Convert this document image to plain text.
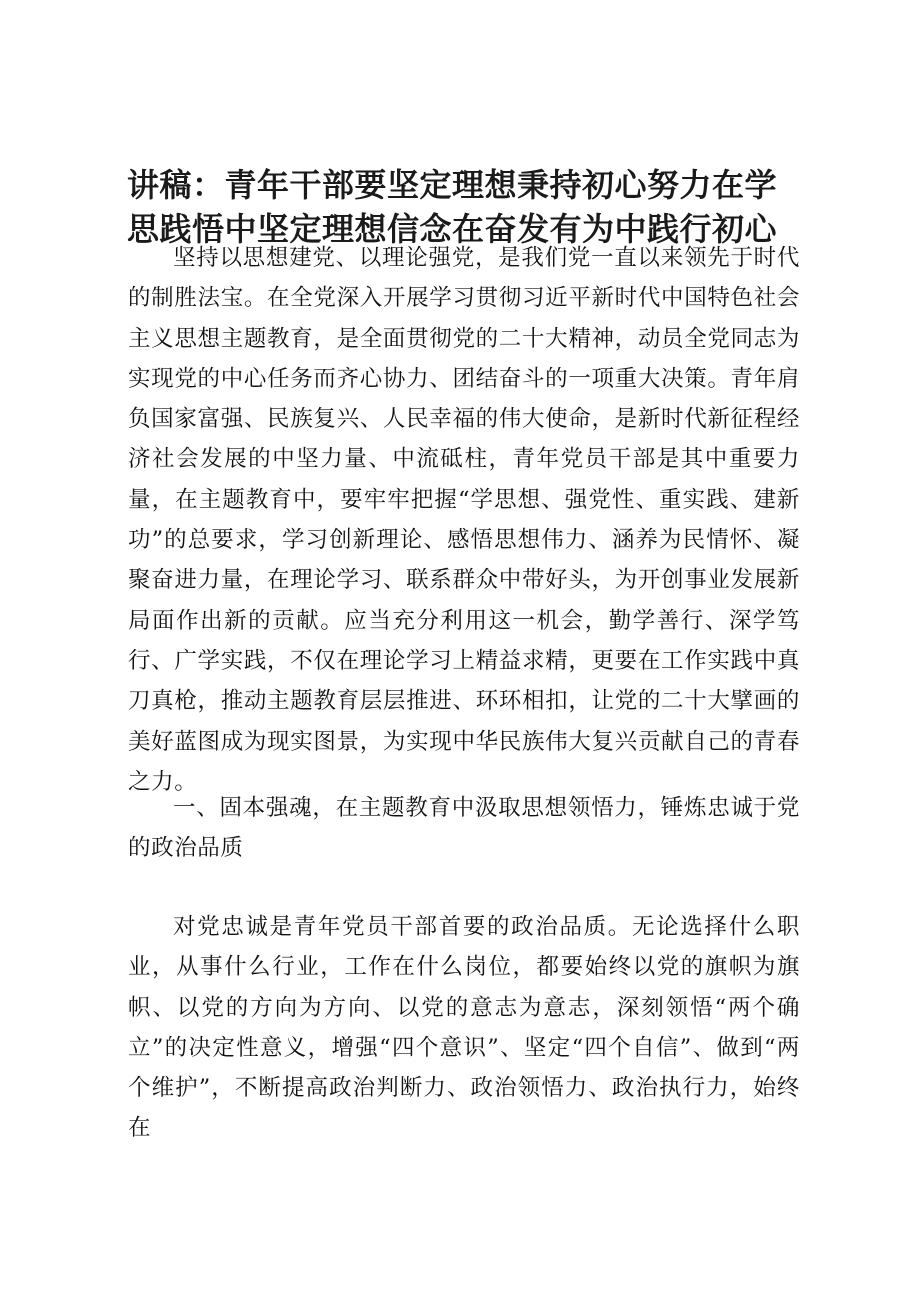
讲稿：青年干部要坚定理想秉持初心努力在学思践悟中坚定理想信念在奋发有为中践行初心

坚持以思想建党、以理论强党，是我们党一直以来领先于时代的制胜法宝。在全党深入开展学习贯彻习近平新时代中国特色社会主义思想主题教育，是全面贯彻党的二十大精神，动员全党同志为实现党的中心任务而齐心协力、团结奋斗的一项重大决策。青年肩负国家富强、民族复兴、人民幸福的伟大使命，是新时代新征程经济社会发展的中坚力量、中流砥柱，青年党员干部是其中重要力量，在主题教育中，要牢牢把握“学思想、强党性、重实践、建新功”的总要求，学习创新理论、感悟思想伟力、涵养为民情怀、凝聚奋进力量，在理论学习、联系群众中带好头，为开创事业发展新局面作出新的贡献。应当充分利用这一机会，勤学善行、深学笃行、广学实践，不仅在理论学习上精益求精，更要在工作实践中真刀真枪，推动主题教育层层推进、环环相扣，让党的二十大擘画的美好蓝图成为现实图景，为实现中华民族伟大复兴贡献自己的青春之力。

一、固本强魂，在主题教育中汲取思想领悟力，锤炼忠诚于党的政治品质

对党忠诚是青年党员干部首要的政治品质。无论选择什么职业，从事什么行业，工作在什么岗位，都要始终以党的旗帜为旗帜、以党的方向为方向、以党的意志为意志，深刻领悟“两个确立”的决定性意义，增强“四个意识”、坚定“四个自信”、做到“两个维护”，不断提高政治判断力、政治领悟力、政治执行力，始终在
